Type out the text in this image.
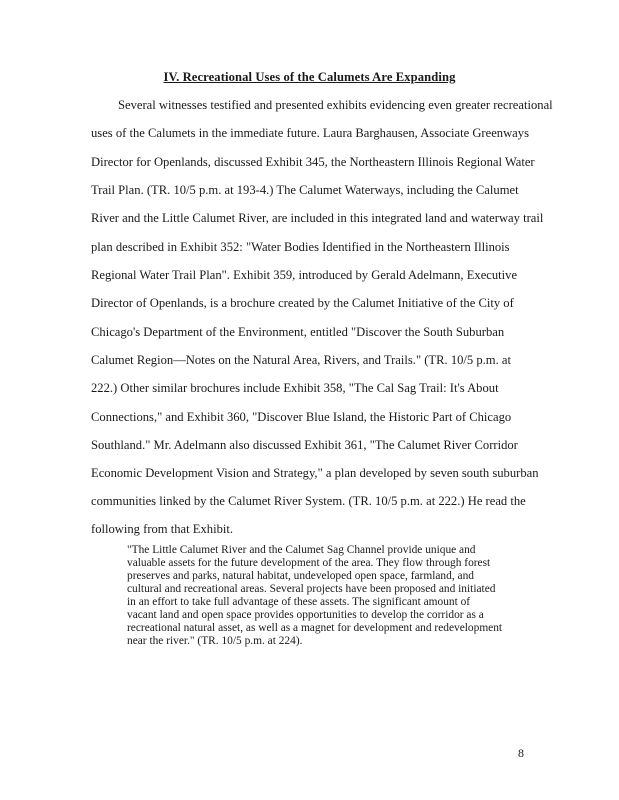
IV. Recreational Uses of the Calumets Are Expanding
Several witnesses testified and presented exhibits evidencing even greater recreational
uses of the Calumets in the immediate future. Laura Barghausen, Associate Greenways
Director for Openlands, discussed Exhibit 345, the Northeastern Illinois Regional Water
Trail Plan. (TR. 10/5 p.m. at 193-4.) The Calumet Waterways, including the Calumet
River and the Little Calumet River, are included in this integrated land and waterway trail
plan described in Exhibit 352: "Water Bodies Identified in the Northeastern Illinois
Regional Water Trail Plan". Exhibit 359, introduced by Gerald Adelmann, Executive
Director of Openlands, is a brochure created by the Calumet Initiative of the City of
Chicago's Department of the Environment, entitled "Discover the South Suburban
Calumet Region—Notes on the Natural Area, Rivers, and Trails." (TR. 10/5 p.m. at
222.) Other similar brochures include Exhibit 358, "The Cal Sag Trail: It's About
Connections," and Exhibit 360, "Discover Blue Island, the Historic Part of Chicago
Southland." Mr. Adelmann also discussed Exhibit 361, "The Calumet River Corridor
Economic Development Vision and Strategy," a plan developed by seven south suburban
communities linked by the Calumet River System. (TR. 10/5 p.m. at 222.) He read the
following from that Exhibit.
"The Little Calumet River and the Calumet Sag Channel provide unique and
valuable assets for the future development of the area. They flow through forest
preserves and parks, natural habitat, undeveloped open space, farmland, and
cultural and recreational areas. Several projects have been proposed and initiated
in an effort to take full advantage of these assets. The significant amount of
vacant land and open space provides opportunities to develop the corridor as a
recreational natural asset, as well as a magnet for development and redevelopment
near the river." (TR. 10/5 p.m. at 224).
8
